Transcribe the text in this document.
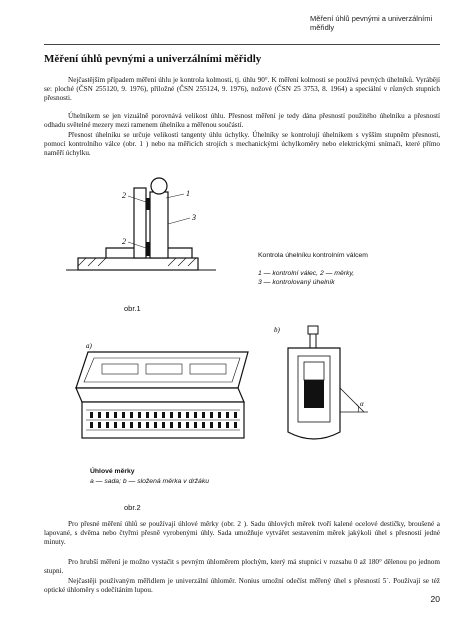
Měření úhlů pevnými a univerzálními měřidly
Měření úhlů pevnými a univerzálními měřidly
Nejčastějším případem měření úhlu je kontrola kolmosti, tj. úhlu 90°. K měření kolmosti se používá pevných úhelníků. Vyrábějí se: ploché (ČSN 255120, 9. 1976), příložné (ČSN 255124, 9. 1976), nožové (ČSN 25 3753, 8. 1964) a speciální v různých stupních přesnosti.
Úhelníkem se jen vizuálně porovnává velikost úhlu. Přesnost měření je tedy dána přesností použitého úhelníku a přesností odhadu světelné mezery mezi ramenem úhelníku a měřenou součástí.
Přesnost úhelníku se určuje velikostí tangenty úhlu úchylky. Úhelníky se kontrolují úhelníkem s vyšším stupněm přesnosti, pomocí kontrolního válce (obr. 1 ) nebo na měřicích strojích s mechanickými úchylkoměry nebo elektrickými snímači, které přímo naměří úchylku.
2	1
3
2
Kontrola úhelníku kontrolním válcem
1 — kontrolní válec, 2 — měrky,
3 — kontrolovaný úhelník
obr.1
a)
b)
α
Úhlové měrky
a — sada; b — složená měrka v držáku
obr.2
Pro přesné měření úhlů se používají úhlové měrky (obr. 2 ). Sadu úhlových měrek tvoří kalené ocelové destičky, broušené a lapované, s dvěma nebo čtyřmi přesně vyrobenými úhly. Sada umožňuje vytvářet sestavením měrek jakýkoli úhel s přesností jedné minuty.
Pro hrubší měření je možno vystačit s pevným úhloměrem plochým, který má stupnici v rozsahu 0 až 180° dělenou po jednom stupni.
Nejčastěji používaným měřidlem je univerzální úhloměr. Nonius umožní odečíst měřený úhel s přesností 5´. Používají se též optické úhloměry s odečítáním lupou.
20
